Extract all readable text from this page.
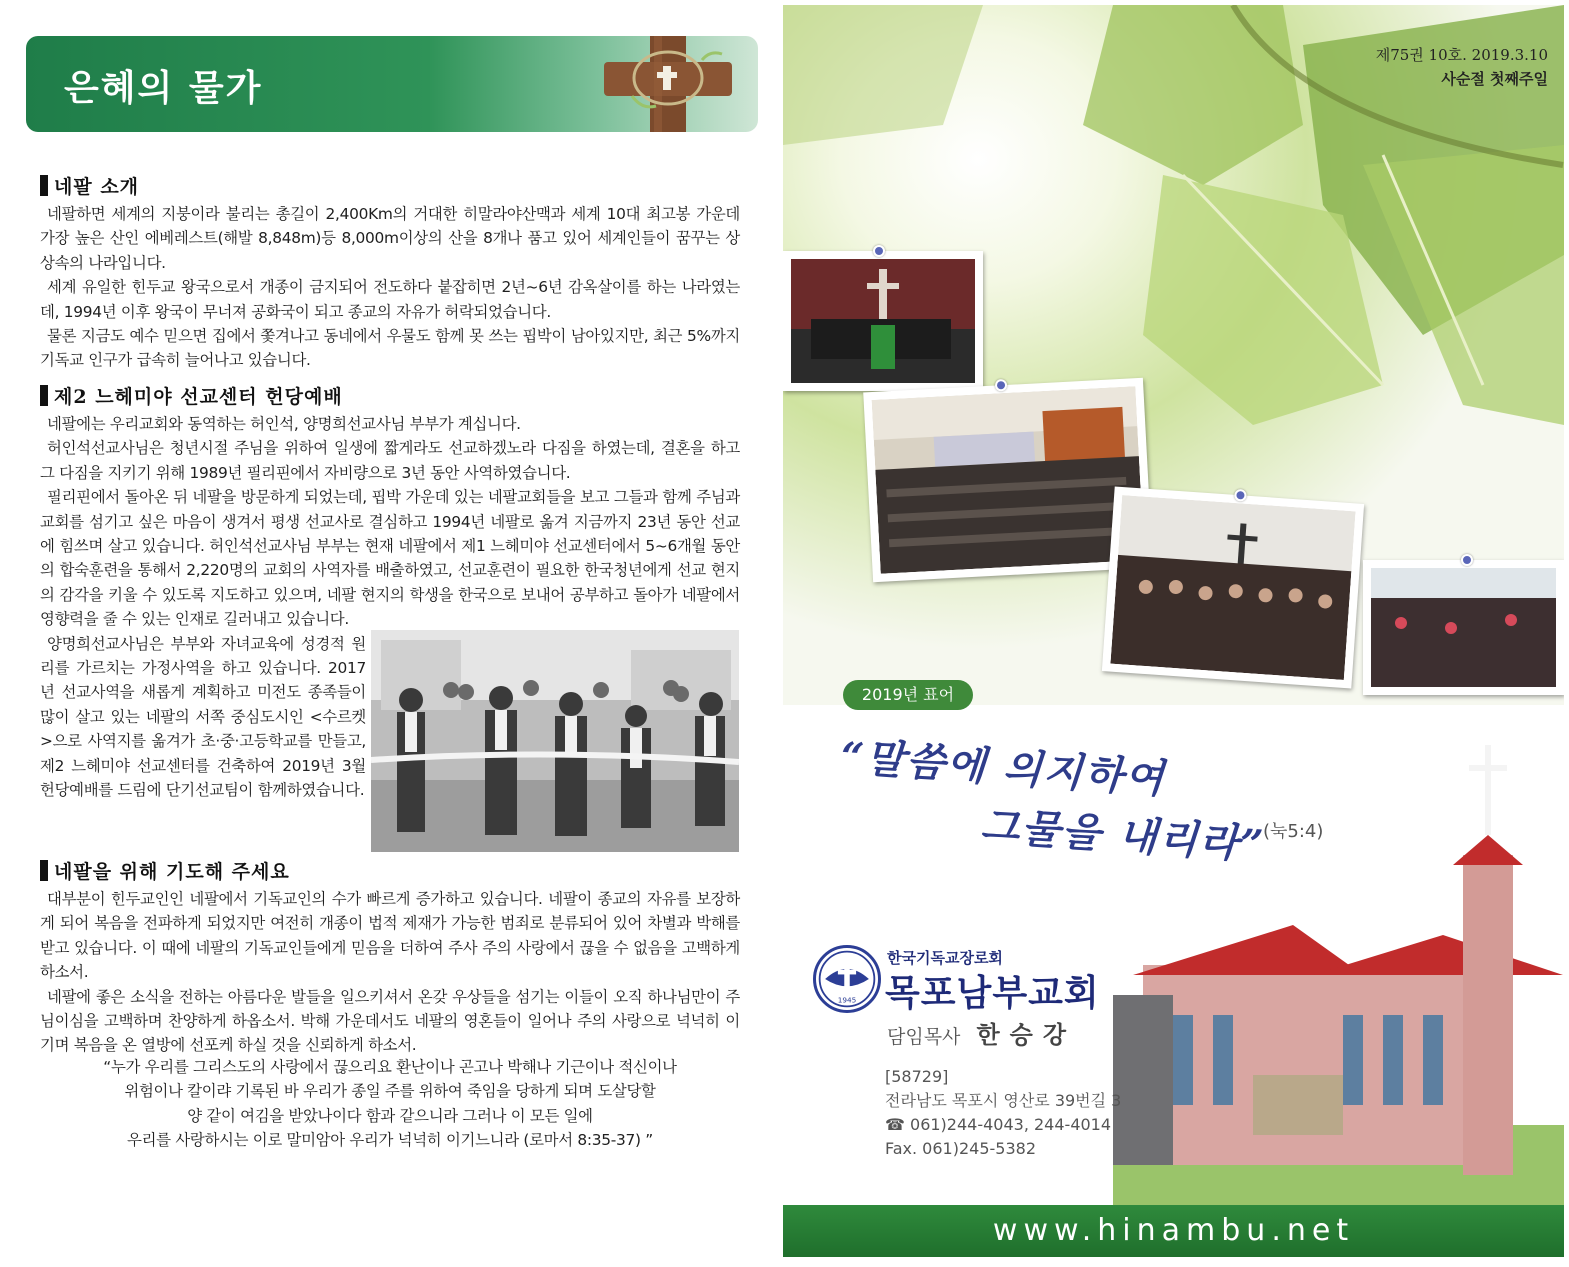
은혜의 물가
네팔 소개

네팔하면 세계의 지붕이라 불리는 총길이 2,400Km의 거대한 히말라야산맥과 세계 10대 최고봉 가운데 가장 높은 산인 에베레스트(해발 8,848m)등 8,000m이상의 산을 8개나 품고 있어 세계인들이 꿈꾸는 상상속의 나라입니다.

세계 유일한 힌두교 왕국으로서 개종이 금지되어 전도하다 붙잡히면 2년~6년 감옥살이를 하는 나라였는데, 1994년 이후 왕국이 무너져 공화국이 되고 종교의 자유가 허락되었습니다.

물론 지금도 예수 믿으면 집에서 쫓겨나고 동네에서 우물도 함께 못 쓰는 핍박이 남아있지만, 최근 5%까지 기독교 인구가 급속히 늘어나고 있습니다.

제2 느헤미야 선교센터 헌당예배

네팔에는 우리교회와 동역하는 허인석, 양명희선교사님 부부가 계십니다.

허인석선교사님은 청년시절 주님을 위하여 일생에 짧게라도 선교하겠노라 다짐을 하였는데, 결혼을 하고 그 다짐을 지키기 위해 1989년 필리핀에서 자비량으로 3년 동안 사역하였습니다.

필리핀에서 돌아온 뒤 네팔을 방문하게 되었는데, 핍박 가운데 있는 네팔교회들을 보고 그들과 함께 주님과 교회를 섬기고 싶은 마음이 생겨서 평생 선교사로 결심하고 1994년 네팔로 옮겨 지금까지 23년 동안 선교에 힘쓰며 살고 있습니다. 허인석선교사님 부부는 현재 네팔에서 제1 느헤미야 선교센터에서 5~6개월 동안의 합숙훈련을 통해서 2,220명의 교회의 사역자를 배출하였고, 선교훈련이 필요한 한국청년에게 선교 현지의 감각을 키울 수 있도록 지도하고 있으며, 네팔 현지의 학생을 한국으로 보내어 공부하고 돌아가 네팔에서 영향력을 줄 수 있는 인재로 길러내고 있습니다.

양명희선교사님은 부부와 자녀교육에 성경적 원리를 가르치는 가정사역을 하고 있습니다. 2017년 선교사역을 새롭게 계획하고 미전도 종족들이 많이 살고 있는 네팔의 서쪽 중심도시인 <수르켓>으로 사역지를 옮겨가 초·중·고등학교를 만들고, 제2 느헤미야 선교센터를 건축하여 2019년 3월 헌당예배를 드림에 단기선교팀이 함께하였습니다.

네팔을 위해 기도해 주세요

대부분이 힌두교인인 네팔에서 기독교인의 수가 빠르게 증가하고 있습니다. 네팔이 종교의 자유를 보장하게 되어 복음을 전파하게 되었지만 여전히 개종이 법적 제재가 가능한 범죄로 분류되어 있어 차별과 박해를 받고 있습니다. 이 때에 네팔의 기독교인들에게 믿음을 더하여 주사 주의 사랑에서 끊을 수 없음을 고백하게 하소서.

네팔에 좋은 소식을 전하는 아름다운 발들을 일으키셔서 온갖 우상들을 섬기는 이들이 오직 하나님만이 주님이심을 고백하며 찬양하게 하옵소서. 박해 가운데서도 네팔의 영혼들이 일어나 주의 사랑으로 넉넉히 이기며 복음을 온 열방에 선포케 하실 것을 신뢰하게 하소서.

“누가 우리를 그리스도의 사랑에서 끊으리요 환난이나 곤고나 박해나 기근이나 적신이나
위험이나 칼이랴 기록된 바 우리가 종일 주를 위하여 죽임을 당하게 되며 도살당할
양 같이 여김을 받았나이다 함과 같으니라 그러나 이 모든 일에
우리를 사랑하시는 이로 말미암아 우리가 넉넉히 이기느니라 (로마서 8:35-37) ”
제75권 10호. 2019.3.10
사순절 첫째주일
2019년 표어
“말씀에 의지하여
그물을 내리라”
(눅5:4)
1945
한국기독교장로회
목포남부교회
담임목사 한승강
[58729]
전라남도 목포시 영산로 39번길 3
☎ 061)244-4043, 244-4014
Fax. 061)245-5382
www.hinambu.net
